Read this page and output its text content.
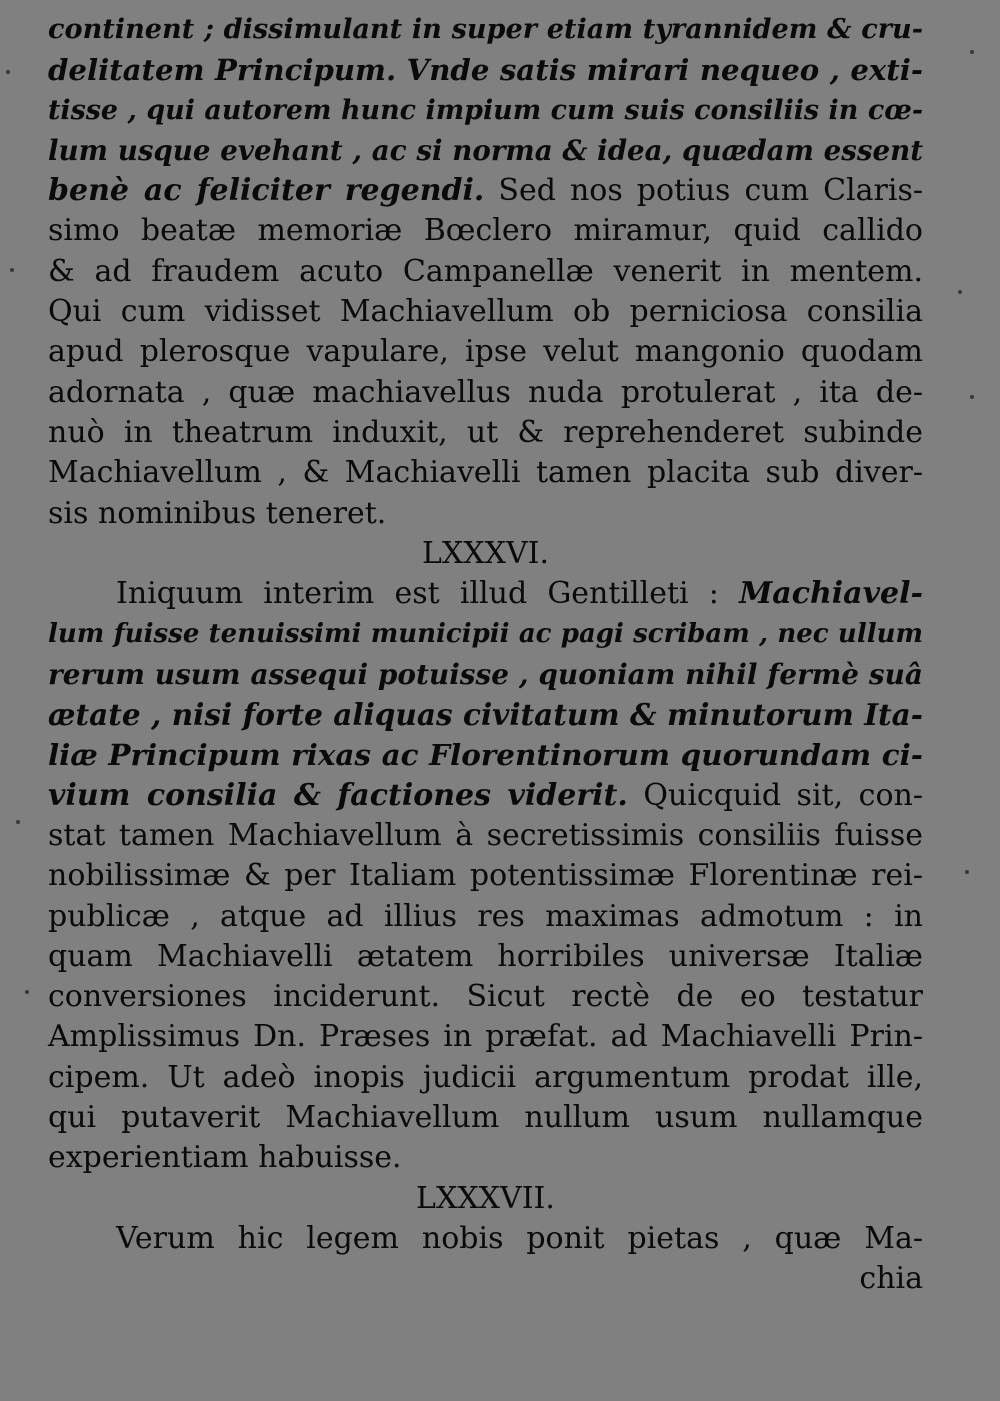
continent ; dissimulant in super etiam tyrannidem & cru-
delitatem Principum. Vnde satis mirari nequeo , exti-
tisse , qui autorem hunc impium cum suis consiliis in cœ-
lum usque evehant , ac si norma & idea, quædam essent
benè ac feliciter regendi. Sed nos potius cum Claris-
simo beatæ memoriæ Bœclero miramur, quid callido
& ad fraudem acuto Campanellæ venerit in mentem.
Qui cum vidisset Machiavellum ob perniciosa consilia
apud plerosque vapulare, ipse velut mangonio quodam
adornata , quæ machiavellus nuda protulerat , ita de-
nuò in theatrum induxit, ut & reprehenderet subinde
Machiavellum , & Machiavelli tamen placita sub diver-
sis nominibus teneret.
LXXXVI.
Iniquum interim est illud Gentilleti : Machiavel-
lum fuisse tenuissimi municipii ac pagi scribam , nec ullum
rerum usum assequi potuisse , quoniam nihil fermè suâ
ætate , nisi forte aliquas civitatum & minutorum Ita-
liæ Principum rixas ac Florentinorum quorundam ci-
vium consilia & factiones viderit. Quicquid sit, con-
stat tamen Machiavellum à secretissimis consiliis fuisse
nobilissimæ & per Italiam potentissimæ Florentinæ rei-
publicæ , atque ad illius res maximas admotum : in
quam Machiavelli ætatem horribiles universæ Italiæ
conversiones inciderunt. Sicut rectè de eo testatur
Amplissimus Dn. Præses in præfat. ad Machiavelli Prin-
cipem. Ut adeò inopis judicii argumentum prodat ille,
qui putaverit Machiavellum nullum usum nullamque
experientiam habuisse.
LXXXVII.
Verum hic legem nobis ponit pietas , quæ Ma-
chia
